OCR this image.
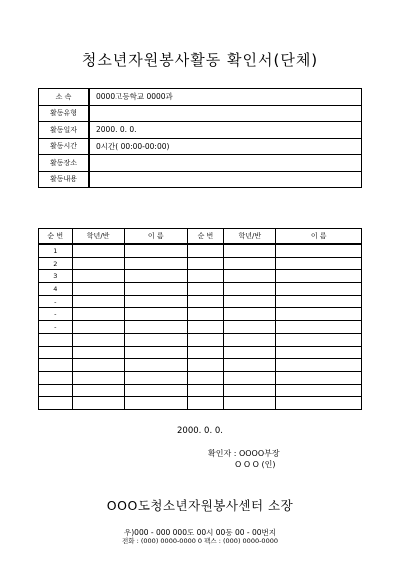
청소년자원봉사활동 확인서(단체)
소 속	0000고등학교 0000과
활동유형	
활동일자	2000. 0. 0.
활동시간	0시간( 00:00-00:00)
활동장소	
활동내용	
순 번	학년/반	이 름	순 번	학년/반	이 름
1					
2					
3					
4					
-					
-					
-					

2000. 0. 0.
확인자 : OOOO부장
O O O (인)
OOO도청소년자원봉사센터 소장
우)000 - 000 000도 00시 00동 00 - 00번지
전화 : (000) 0000-0000 0 팩스 : (000) 0000-0000
